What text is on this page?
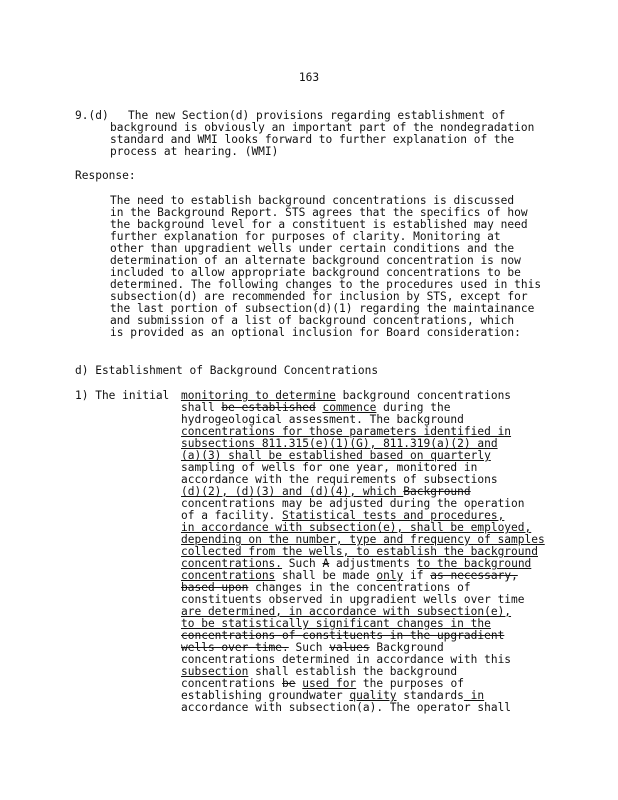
163
9.(d) The new Section(d) provisions regarding establishment of
background is obviously an important part of the nondegradation
standard and WMI looks forward to further explanation of the
process at hearing. (WMI)
Response:
The need to establish background concentrations is discussed
in the Background Report. STS agrees that the specifics of how
the background level for a constituent is established may need
further explanation for purposes of clarity. Monitoring at
other than upgradient wells under certain conditions and the
determination of an alternate background concentration is now
included to allow appropriate background concentrations to be
determined. The following changes to the procedures used in this
subsection(d) are recommended for inclusion by STS, except for
the last portion of subsection(d)(1) regarding the maintainance
and submission of a list of background concentrations, which
is provided as an optional inclusion for Board consideration:
d) Establishment of Background Concentrations
1) The initial monitoring to determine background concentrations
shall be established commence during the
hydrogeological assessment. The background
concentrations for those parameters identified in
subsections 811.315(e)(1)(G), 811.319(a)(2) and
(a)(3) shall be established based on quarterly
sampling of wells for one year, monitored in
accordance with the requirements of subsections
(d)(2), (d)(3) and (d)(4), which Background
concentrations may be adjusted during the operation
of a facility. Statistical tests and procedures,
in accordance with subsection(e), shall be employed,
depending on the number, type and frequency of samples
collected from the wells, to establish the background
concentrations. Such A adjustments to the background
concentrations shall be made only if as necessary,
based upon changes in the concentrations of
constituents observed in upgradient wells over time
are determined, in accordance with subsection(e),
to be statistically significant changes in the
concentrations of constituents in the upgradient
wells over time. Such values Background
concentrations determined in accordance with this
subsection shall establish the background
concentrations be used for the purposes of
establishing groundwater quality standards in
accordance with subsection(a). The operator shall
